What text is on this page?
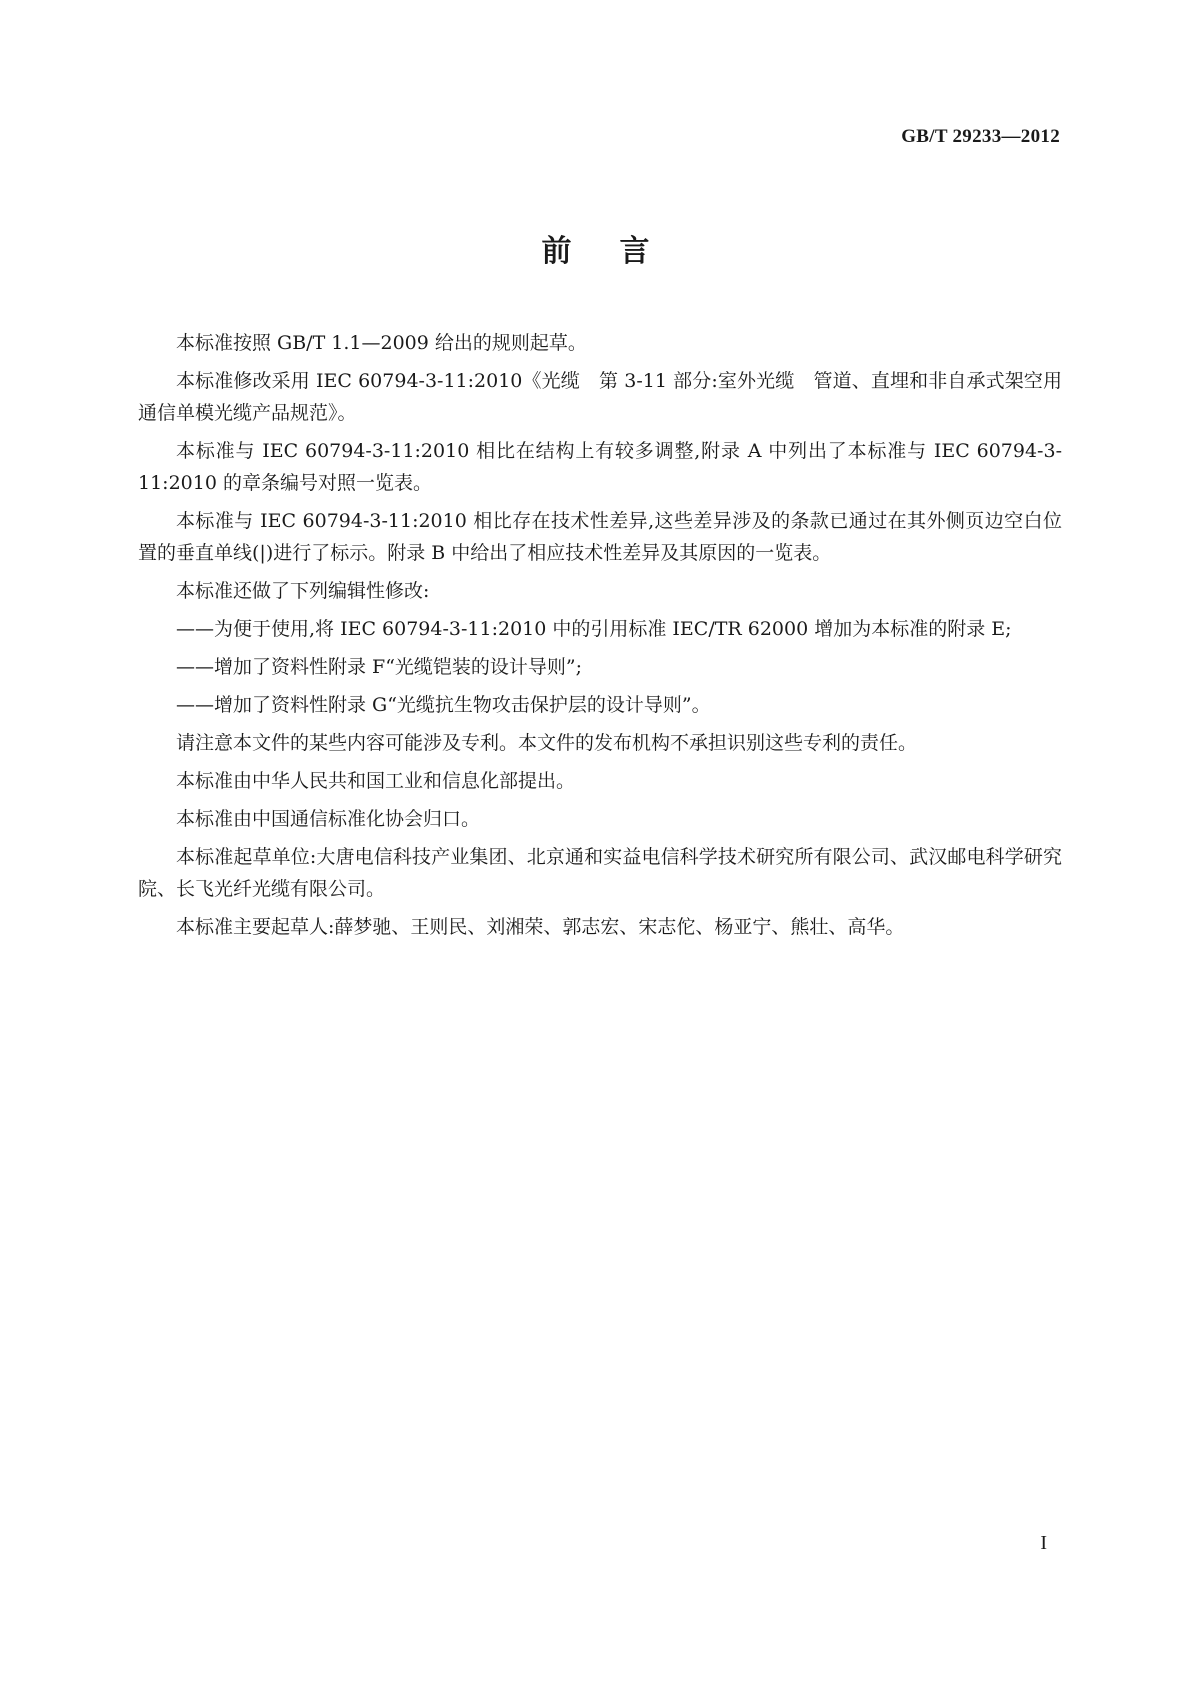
GB/T 29233—2012
前言

本标准按照 GB/T 1.1—2009 给出的规则起草。

本标准修改采用 IEC 60794-3-11:2010《光缆　第 3-11 部分:室外光缆　管道、直埋和非自承式架空用通信单模光缆产品规范》。

本标准与 IEC 60794-3-11:2010 相比在结构上有较多调整,附录 A 中列出了本标准与 IEC 60794-3-11:2010 的章条编号对照一览表。

本标准与 IEC 60794-3-11:2010 相比存在技术性差异,这些差异涉及的条款已通过在其外侧页边空白位置的垂直单线(|)进行了标示。附录 B 中给出了相应技术性差异及其原因的一览表。

本标准还做了下列编辑性修改:

——为便于使用,将 IEC 60794-3-11:2010 中的引用标准 IEC/TR 62000 增加为本标准的附录 E;

——增加了资料性附录 F“光缆铠装的设计导则”;

——增加了资料性附录 G“光缆抗生物攻击保护层的设计导则”。

请注意本文件的某些内容可能涉及专利。本文件的发布机构不承担识别这些专利的责任。

本标准由中华人民共和国工业和信息化部提出。

本标准由中国通信标准化协会归口。

本标准起草单位:大唐电信科技产业集团、北京通和实益电信科学技术研究所有限公司、武汉邮电科学研究院、长飞光纤光缆有限公司。

本标准主要起草人:薛梦驰、王则民、刘湘荣、郭志宏、宋志佗、杨亚宁、熊壮、高华。

I
